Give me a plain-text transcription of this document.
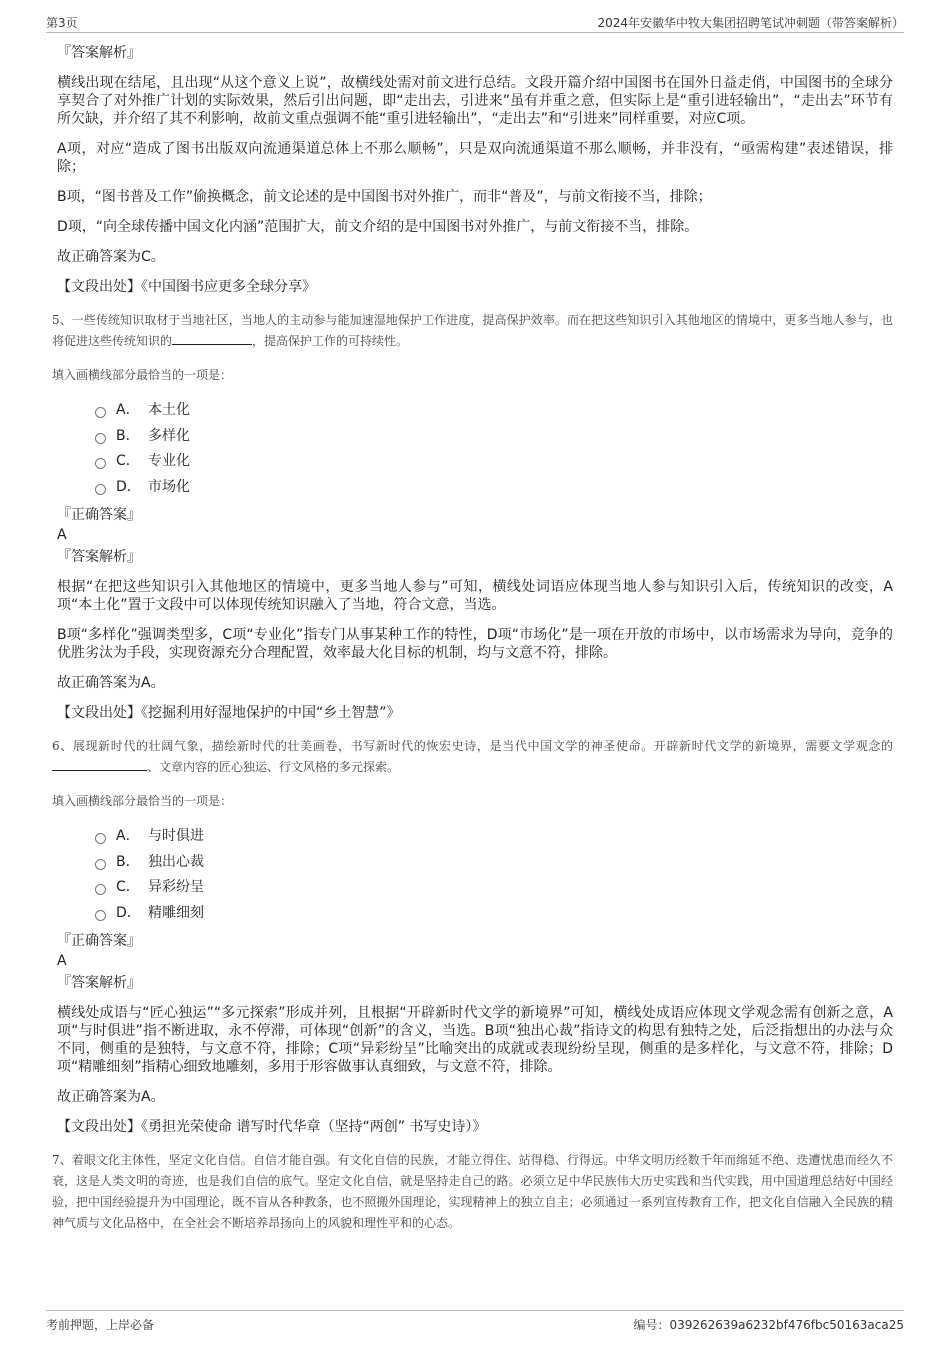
第3页	2024年安徽华中牧大集团招聘笔试冲刺题（带答案解析）
『答案解析』
横线出现在结尾，且出现“从这个意义上说”，故横线处需对前文进行总结。文段开篇介绍中国图书在国外日益走俏，中国图书的全球分享契合了对外推广计划的实际效果，然后引出问题，即“走出去，引进来”虽有并重之意，但实际上是“重引进轻输出”，“走出去”环节有所欠缺，并介绍了其不利影响，故前文重点强调不能“重引进轻输出”，“走出去”和“引进来”同样重要，对应C项。
A项，对应“造成了图书出版双向流通渠道总体上不那么顺畅”，只是双向流通渠道不那么顺畅，并非没有，“亟需构建”表述错误，排除；
B项，“图书普及工作”偷换概念，前文论述的是中国图书对外推广，而非“普及”，与前文衔接不当，排除；
D项，“向全球传播中国文化内涵”范围扩大，前文介绍的是中国图书对外推广，与前文衔接不当，排除。
故正确答案为C。
【文段出处】《中国图书应更多全球分享》
5、一些传统知识取材于当地社区，当地人的主动参与能加速湿地保护工作进度，提高保护效率。而在把这些知识引入其他地区的情境中，更多当地人参与，也将促进这些传统知识的	，提高保护工作的可持续性。
填入画横线部分最恰当的一项是：
A． 本土化
B． 多样化
C． 专业化
D． 市场化
『正确答案』
A
『答案解析』
根据“在把这些知识引入其他地区的情境中，更多当地人参与”可知，横线处词语应体现当地人参与知识引入后，传统知识的改变，A项“本土化”置于文段中可以体现传统知识融入了当地，符合文意，当选。
B项“多样化”强调类型多，C项“专业化”指专门从事某种工作的特性，D项“市场化”是一项在开放的市场中，以市场需求为导向，竞争的优胜劣汰为手段，实现资源充分合理配置，效率最大化目标的机制，均与文意不符，排除。
故正确答案为A。
【文段出处】《挖掘利用好湿地保护的中国“乡土智慧”》
6、展现新时代的壮阔气象，描绘新时代的壮美画卷，书写新时代的恢宏史诗，是当代中国文学的神圣使命。开辟新时代文学的新境界，需要文学观念的、文章内容的匠心独运、行文风格的多元探索。
填入画横线部分最恰当的一项是：
A． 与时俱进
B． 独出心裁
C． 异彩纷呈
D． 精雕细刻
『正确答案』
A
『答案解析』
横线处成语与“匠心独运”“多元探索”形成并列，且根据“开辟新时代文学的新境界”可知，横线处成语应体现文学观念需有创新之意，A项“与时俱进”指不断进取，永不停滞，可体现“创新”的含义，当选。B项“独出心裁”指诗文的构思有独特之处，后泛指想出的办法与众不同，侧重的是独特，与文意不符，排除；C项“异彩纷呈”比喻突出的成就或表现纷纷呈现，侧重的是多样化，与文意不符，排除；D项“精雕细刻”指精心细致地雕刻，多用于形容做事认真细致，与文意不符，排除。
故正确答案为A。
【文段出处】《勇担光荣使命 谱写时代华章（坚持“两创” 书写史诗）》
7、着眼文化主体性，坚定文化自信。自信才能自强。有文化自信的民族，才能立得住、站得稳、行得远。中华文明历经数千年而绵延不绝、迭遭忧患而经久不衰，这是人类文明的奇迹，也是我们自信的底气。坚定文化自信，就是坚持走自己的路。必须立足中华民族伟大历史实践和当代实践，用中国道理总结好中国经验，把中国经验提升为中国理论，既不盲从各种教条，也不照搬外国理论，实现精神上的独立自主；必须通过一系列宣传教育工作，把文化自信融入全民族的精神气质与文化品格中，在全社会不断培养昂扬向上的风貌和理性平和的心态。
考前押题，上岸必备	编号：039262639a6232bf476fbc50163aca25
